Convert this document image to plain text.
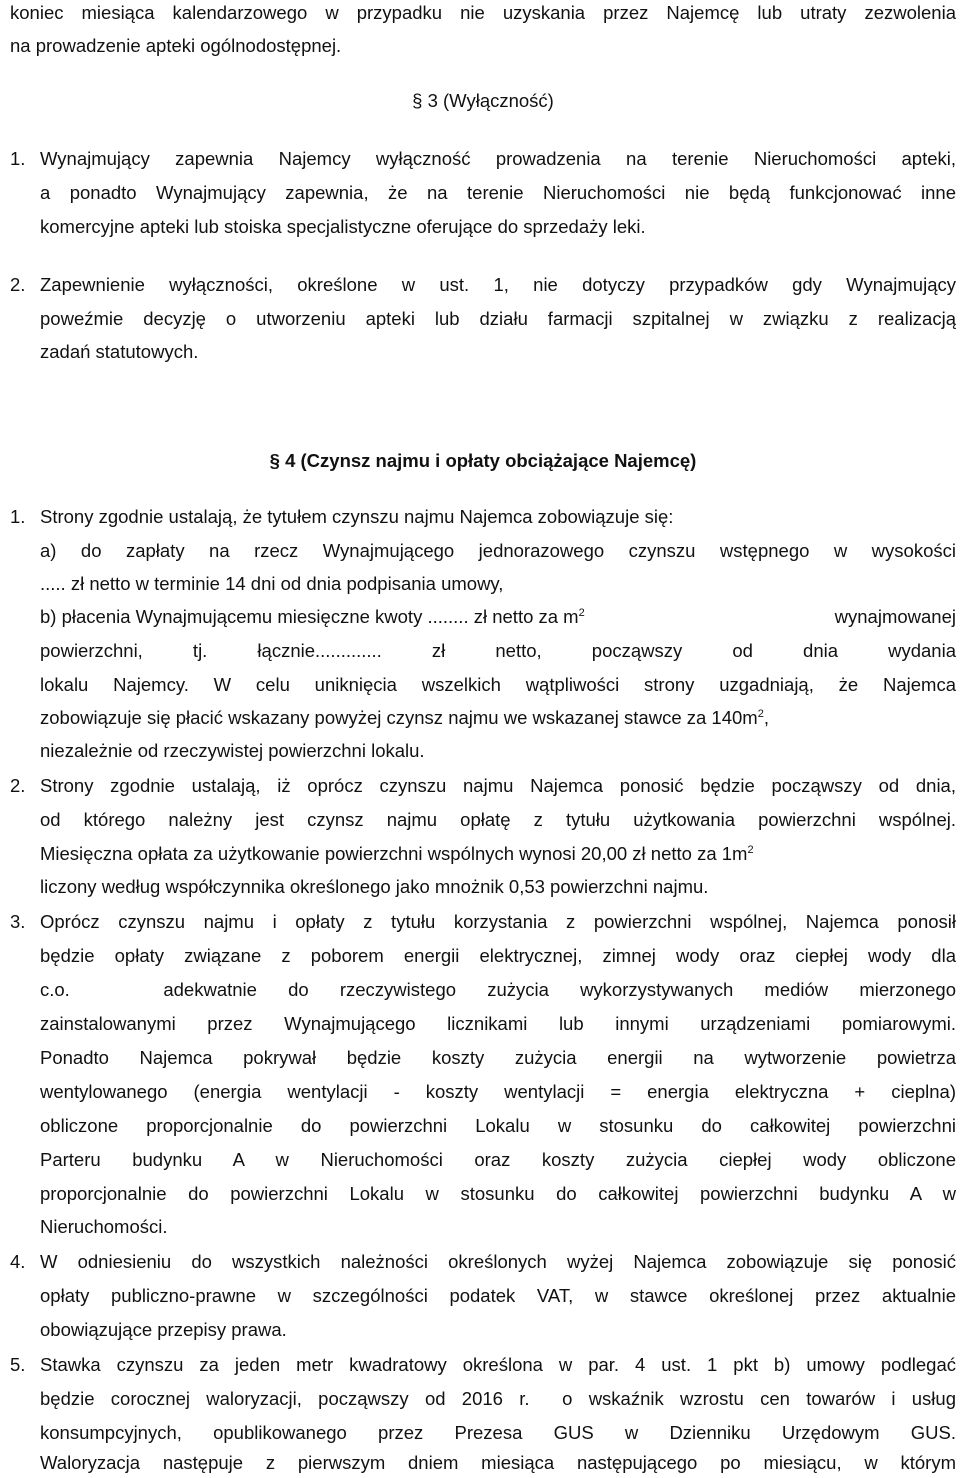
koniec miesiąca kalendarzowego w przypadku nie uzyskania przez Najemcę lub utraty zezwolenia
na prowadzenie apteki ogólnodostępnej.
§ 3 (Wyłączność)
1. Wynajmujący zapewnia Najemcy wyłączność prowadzenia na terenie Nieruchomości apteki,
a ponadto Wynajmujący zapewnia, że na terenie Nieruchomości nie będą funkcjonować inne
komercyjne apteki lub stoiska specjalistyczne oferujące do sprzedaży leki.
2. Zapewnienie wyłączności, określone w ust. 1, nie dotyczy przypadków gdy Wynajmujący
poweźmie decyzję o utworzeniu apteki lub działu farmacji szpitalnej w związku z realizacją
zadań statutowych.
§ 4 (Czynsz najmu i opłaty obciążające Najemcę)
1. Strony zgodnie ustalają, że tytułem czynszu najmu Najemca zobowiązuje się:
a) do zapłaty na rzecz Wynajmującego jednorazowego czynszu wstępnego w wysokości
..... zł netto w terminie 14 dni od dnia podpisania umowy,
b) płacenia Wynajmującemu miesięczne kwoty ........ zł netto za $m^2$	wynajmowanej
powierzchni, tj. łącznie............. zł netto, począwszy od dnia wydania
lokalu Najemcy. W celu uniknięcia wszelkich wątpliwości strony uzgadniają, że Najemca
zobowiązuje się płacić wskazany powyżej czynsz najmu we wskazanej stawce za $140m^2$,
niezależnie od rzeczywistej powierzchni lokalu.
2. Strony zgodnie ustalają, iż oprócz czynszu najmu Najemca ponosić będzie począwszy od dnia,
od którego należny jest czynsz najmu opłatę z tytułu użytkowania powierzchni wspólnej.
Miesięczna opłata za użytkowanie powierzchni wspólnych wynosi 20,00 zł netto za $1m^2$
liczony według współczynnika określonego jako mnożnik 0,53 powierzchni najmu.
3. Oprócz czynszu najmu i opłaty z tytułu korzystania z powierzchni wspólnej, Najemca ponosił
będzie opłaty związane z poborem energii elektrycznej, zimnej wody oraz ciepłej wody dla
c.o.   adekwatnie do rzeczywistego zużycia wykorzystywanych mediów mierzonego
zainstalowanymi przez Wynajmującego licznikami lub innymi urządzeniami pomiarowymi.
Ponadto Najemca pokrywał będzie koszty zużycia energii na wytworzenie powietrza
wentylowanego (energia wentylacji - koszty wentylacji = energia elektryczna + cieplna)
obliczone proporcjonalnie do powierzchni Lokalu w stosunku do całkowitej powierzchni
Parteru budynku A w Nieruchomości oraz koszty zużycia ciepłej wody obliczone
proporcjonalnie do powierzchni Lokalu w stosunku do całkowitej powierzchni budynku A w
Nieruchomości.
4. W odniesieniu do wszystkich należności określonych wyżej Najemca zobowiązuje się ponosić
opłaty publiczno-prawne w szczególności podatek VAT, w stawce określonej przez aktualnie
obowiązujące przepisy prawa.
5. Stawka czynszu za jeden metr kwadratowy określona w par. 4 ust. 1 pkt b) umowy podlegać
będzie corocznej waloryzacji, począwszy od 2016 r.  o wskaźnik wzrostu cen towarów i usług
konsumpcyjnych, opublikowanego przez Prezesa GUS w Dzienniku Urzędowym GUS.
Waloryzacja następuje z pierwszym dniem miesiąca następującego po miesiącu, w którym
